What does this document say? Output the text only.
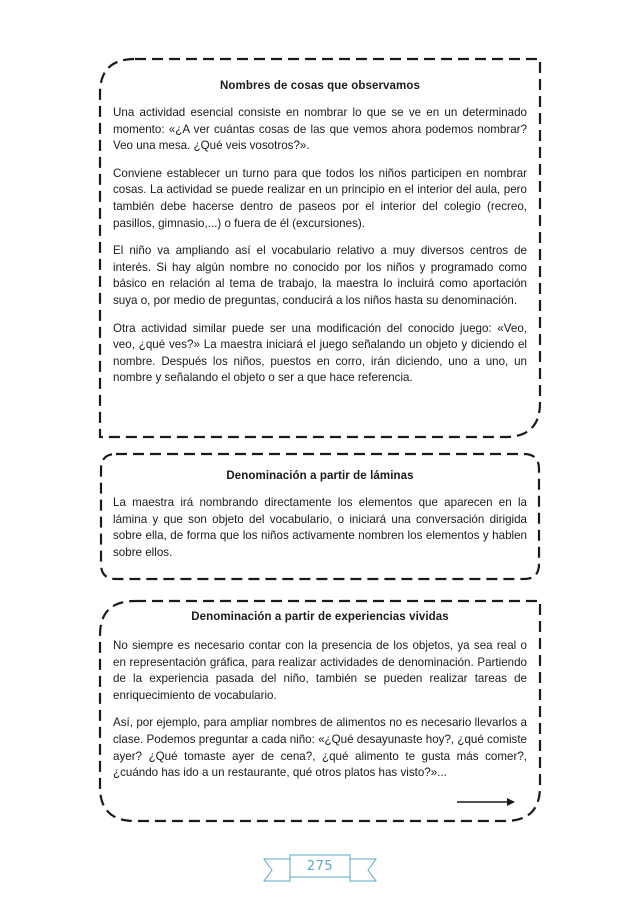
Nombres de cosas que observamos

Una actividad esencial consiste en nombrar lo que se ve en un determinado momento: «¿A ver cuántas cosas de las que vemos ahora podemos nombrar? Veo una mesa. ¿Qué veis vosotros?».

Conviene establecer un turno para que todos los niños participen en nombrar cosas. La actividad se puede realizar en un principio en el interior del aula, pero también debe hacerse dentro de paseos por el interior del colegio (recreo, pasillos, gimnasio,...) o fuera de él (excursiones).

El niño va ampliando así el vocabulario relativo a muy diversos centros de interés. Si hay algún nombre no conocido por los niños y programado como básico en relación al tema de trabajo, la maestra lo incluirá como aportación suya o, por medio de preguntas, conducirá a los niños hasta su denominación.

Otra actividad similar puede ser una modificación del conocido juego: «Veo, veo, ¿qué ves?» La maestra iniciará el juego señalando un objeto y diciendo el nombre. Después los niños, puestos en corro, irán diciendo, uno a uno, un nombre y señalando el objeto o ser a que hace referencia.

Denominación a partir de láminas

La maestra irá nombrando directamente los elementos que aparecen en la lámina y que son objeto del vocabulario, o iniciará una conversación dirigida sobre ella, de forma que los niños activamente nombren los elementos y hablen sobre ellos.

Denominación a partir de experiencias vividas

No siempre es necesario contar con la presencia de los objetos, ya sea real o en representación gráfica, para realizar actividades de denominación. Partiendo de la experiencia pasada del niño, también se pueden realizar tareas de enriquecimiento de vocabulario.

Así, por ejemplo, para ampliar nombres de alimentos no es necesario llevarlos a clase. Podemos preguntar a cada niño: «¿Qué desayunaste hoy?, ¿qué comiste ayer? ¿Qué tomaste ayer de cena?, ¿qué alimento te gusta más comer?, ¿cuándo has ido a un restaurante, qué otros platos has visto?»...

275
